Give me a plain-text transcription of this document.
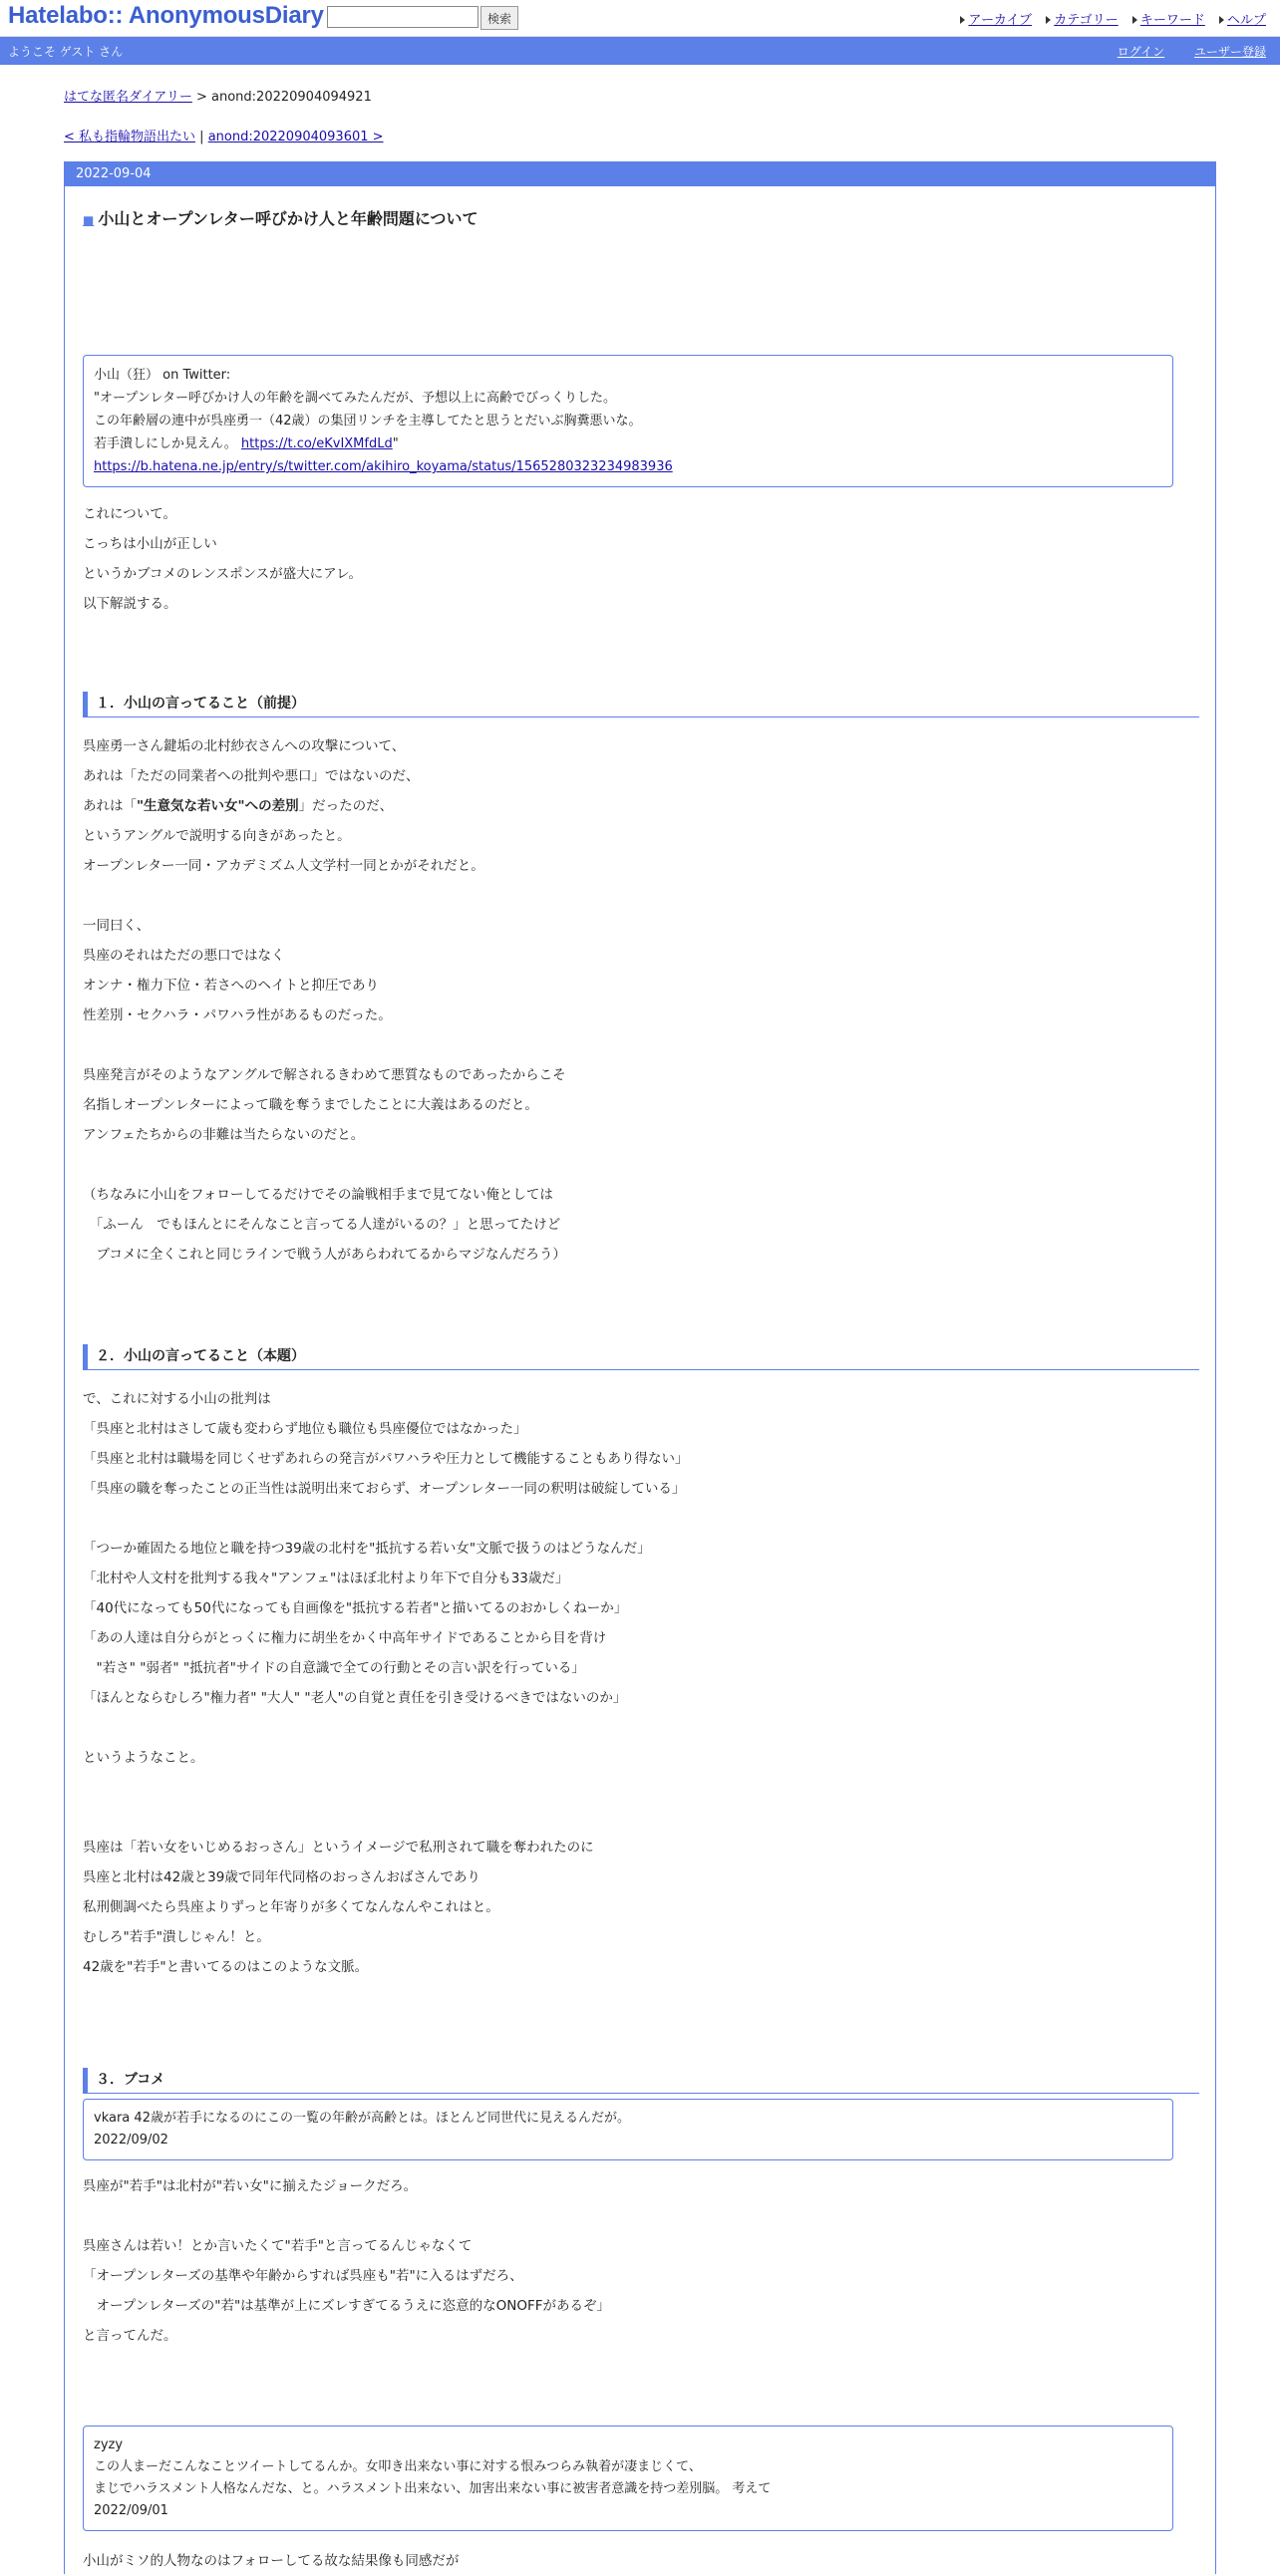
Hatelabo:: AnonymousDiary	検索	アーカイブ カテゴリー キーワード ヘルプ
ようこそ ゲスト さん	ログイン ユーザー登録
はてな匿名ダイアリー > anond:20220904094921
< 私も指輪物語出たい | anond:20220904093601 >
2022-09-04
■ 小山とオープンレター呼びかけ人と年齢問題について
小山（狂） on Twitter:
"オープンレター呼びかけ人の年齢を調べてみたんだが、予想以上に高齢でびっくりした。
この年齢層の連中が呉座勇一（42歳）の集団リンチを主導してたと思うとだいぶ胸糞悪いな。
若手潰しにしか見えん。 https://t.co/eKvIXMfdLd"
https://b.hatena.ne.jp/entry/s/twitter.com/akihiro_koyama/status/1565280323234983936
これについて。
こっちは小山が正しい
というかブコメのレンスポンスが盛大にアレ。
以下解説する。
１．小山の言ってること（前提）
呉座勇一さん鍵垢の北村紗衣さんへの攻撃について、
あれは「ただの同業者への批判や悪口」ではないのだ、
あれは「"生意気な若い女"への差別」だったのだ、
というアングルで説明する向きがあったと。
オープンレター一同・アカデミズム人文学村一同とかがそれだと。
一同曰く、
呉座のそれはただの悪口ではなく
オンナ・権力下位・若さへのヘイトと抑圧であり
性差別・セクハラ・パワハラ性があるものだった。
呉座発言がそのようなアングルで解されるきわめて悪質なものであったからこそ
名指しオープンレターによって職を奪うまでしたことに大義はあるのだと。
アンフェたちからの非難は当たらないのだと。
（ちなみに小山をフォローしてるだけでその論戦相手まで見てない俺としては
　「ふーん　でもほんとにそんなこと言ってる人達がいるの？」と思ってたけど
　ブコメに全くこれと同じラインで戦う人があらわれてるからマジなんだろう）
２．小山の言ってること（本題）
で、これに対する小山の批判は
「呉座と北村はさして歳も変わらず地位も職位も呉座優位ではなかった」
「呉座と北村は職場を同じくせずあれらの発言がパワハラや圧力として機能することもあり得ない」
「呉座の職を奪ったことの正当性は説明出来ておらず、オープンレター一同の釈明は破綻している」
「つーか確固たる地位と職を持つ39歳の北村を"抵抗する若い女"文脈で扱うのはどうなんだ」
「北村や人文村を批判する我々"アンフェ"はほぼ北村より年下で自分も33歳だ」
「40代になっても50代になっても自画像を"抵抗する若者"と描いてるのおかしくねーか」
「あの人達は自分らがとっくに権力に胡坐をかく中高年サイドであることから目を背け
　"若さ" "弱者" "抵抗者"サイドの自意識で全ての行動とその言い訳を行っている」
「ほんとならむしろ"権力者" "大人" "老人"の自覚と責任を引き受けるべきではないのか」
というようなこと。
呉座は「若い女をいじめるおっさん」というイメージで私刑されて職を奪われたのに
呉座と北村は42歳と39歳で同年代同格のおっさんおばさんであり
私刑側調べたら呉座よりずっと年寄りが多くてなんなんやこれはと。
むしろ"若手"潰しじゃん！と。
42歳を"若手"と書いてるのはこのような文脈。
３．ブコメ
vkara 42歳が若手になるのにこの一覧の年齢が高齢とは。ほとんど同世代に見えるんだが。
2022/09/02
呉座が"若手"は北村が"若い女"に揃えたジョークだろ。
呉座さんは若い！とか言いたくて"若手"と言ってるんじゃなくて
「オープンレターズの基準や年齢からすれば呉座も"若"に入るはずだろ、
　オープンレターズの"若"は基準が上にズレすぎてるうえに恣意的なONOFFがあるぞ」
と言ってんだ。
zyzy
この人まーだこんなことツイートしてるんか。女叩き出来ない事に対する恨みつらみ執着が凄まじくて、
まじでハラスメント人格なんだな、と。ハラスメント出来ない、加害出来ない事に被害者意識を持つ差別脳。 考えて
2022/09/01
小山がミソ的人物なのはフォローしてる故な結果像も同感だが
